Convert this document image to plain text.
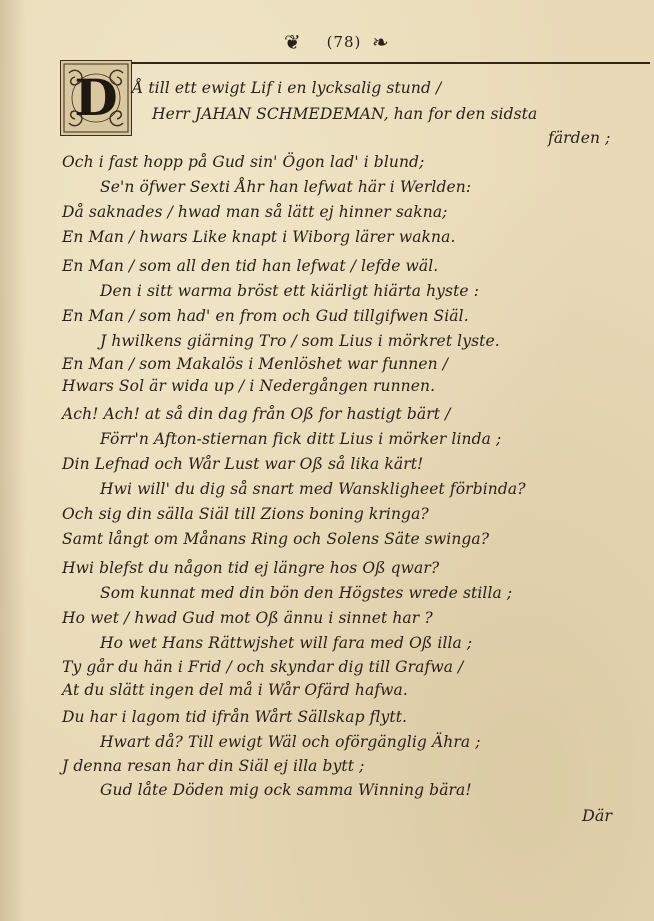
❦	(78) ❧
D Å till ett ewigt Lif i en lycksalig stund /
Herr JAHAN SCHMEDEMAN, han for den sidsta
färden ;
Och i fast hopp på Gud sin' Ögon lad' i blund;
Se'n öfwer Sexti Åhr han lefwat här i Werlden:
Då saknades / hwad man så lätt ej hinner sakna;
En Man / hwars Like knapt i Wiborg lärer wakna.
En Man / som all den tid han lefwat / lefde wäl.
Den i sitt warma bröst ett kiärligt hiärta hyste :
En Man / som had' en from och Gud tillgifwen Siäl.
J hwilkens giärning Tro / som Lius i mörkret lyste.
En Man / som Makalös i Menlöshet war funnen /
Hwars Sol är wida up / i Nedergången runnen.
Ach! Ach! at så din dag från Oß for hastigt bärt /
Förr'n Afton-stiernan fick ditt Lius i mörker linda ;
Din Lefnad och Wår Lust war Oß så lika kärt!
Hwi will' du dig så snart med Wanskligheet förbinda?
Och sig din sälla Siäl till Zions boning kringa?
Samt långt om Månans Ring och Solens Säte swinga?
Hwi blefst du någon tid ej längre hos Oß qwar?
Som kunnat med din bön den Högstes wrede stilla ;
Ho wet / hwad Gud mot Oß ännu i sinnet har ?
Ho wet Hans Rättwjshet will fara med Oß illa ;
Ty går du hän i Frid / och skyndar dig till Grafwa /
At du slätt ingen del må i Wår Ofärd hafwa.
Du har i lagom tid ifrån Wårt Sällskap flytt.
Hwart då? Till ewigt Wäl och oförgänglig Ähra ;
J denna resan har din Siäl ej illa bytt ;
Gud låte Döden mig ock samma Winning bära!
Där
